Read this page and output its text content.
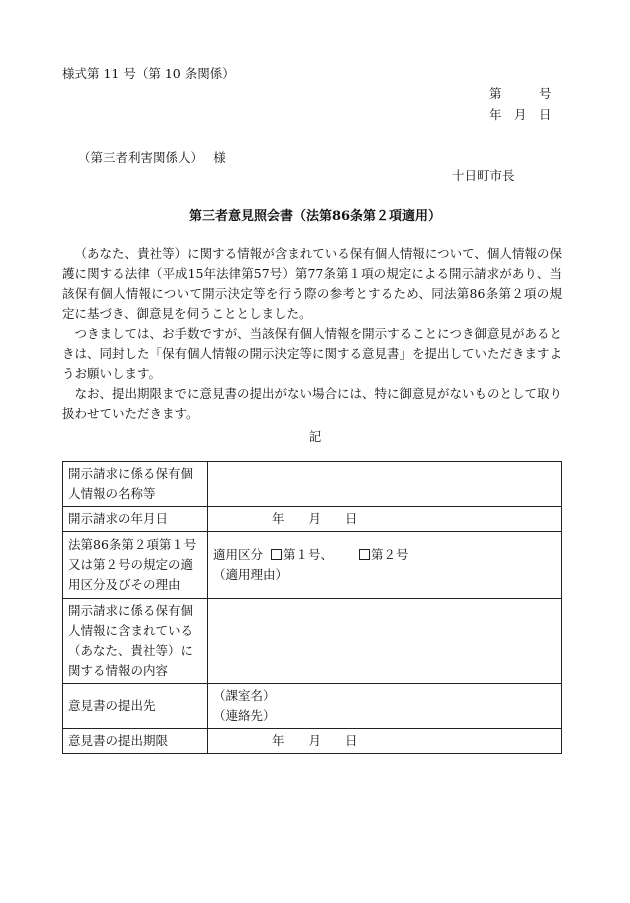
様式第 11 号（第 10 条関係）
第　　　号
年　月　日
（第三者利害関係人）　 様
十日町市長
第三者意見照会書（法第86条第２項適用）

（あなた、貴社等）に関する情報が含まれている保有個人情報について、個人情報の保護に関する法律（平成15年法律第57号）第77条第１項の規定による開示請求があり、当該保有個人情報について開示決定等を行う際の参考とするため、同法第86条第２項の規定に基づき、御意見を伺うこととしました。

つきましては、お手数ですが、当該保有個人情報を開示することにつき御意見があるときは、同封した「保有個人情報の開示決定等に関する意見書」を提出していただきますようお願いします。

なお、提出期限までに意見書の提出がない場合には、特に御意見がないものとして取り扱わせていただきます。

記
開示請求に係る保有個人情報の名称等	
開示請求の年月日	年 月 日
法第86条第２項第１号又は第２号の規定の適用区分及びその理由	適用区分 第１号、 第２号
（適用理由）

開示請求に係る保有個人情報に含まれている（あなた、貴社等）に関する情報の内容	
意見書の提出先	（課室名）
（連絡先）

意見書の提出期限	年 月 日
